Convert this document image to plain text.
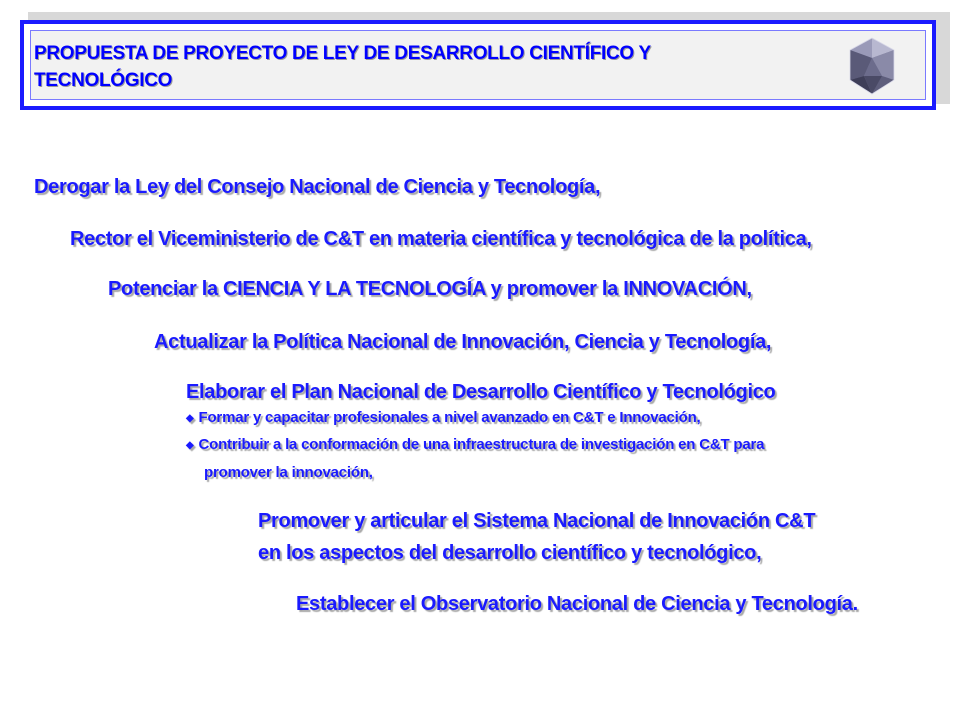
PROPUESTA DE PROYECTO DE LEY DE DESARROLLO CIENTÍFICO Y
TECNOLÓGICO
Derogar la Ley del Consejo Nacional de Ciencia y Tecnología,
Rector el Viceministerio de C&T en materia científica y tecnológica de la política,
Potenciar la CIENCIA Y LA TECNOLOGÍA y promover la INNOVACIÓN,
Actualizar la Política Nacional de Innovación, Ciencia y Tecnología,
Elaborar el Plan Nacional de Desarrollo Científico y Tecnológico
◆ Formar y capacitar profesionales a nivel avanzado en C&T e Innovación,
◆ Contribuir a la conformación de una infraestructura de investigación en C&T para
promover la innovación,
Promover y articular el Sistema Nacional de Innovación C&T
en los aspectos del desarrollo científico y tecnológico,
Establecer el Observatorio Nacional de Ciencia y Tecnología.
